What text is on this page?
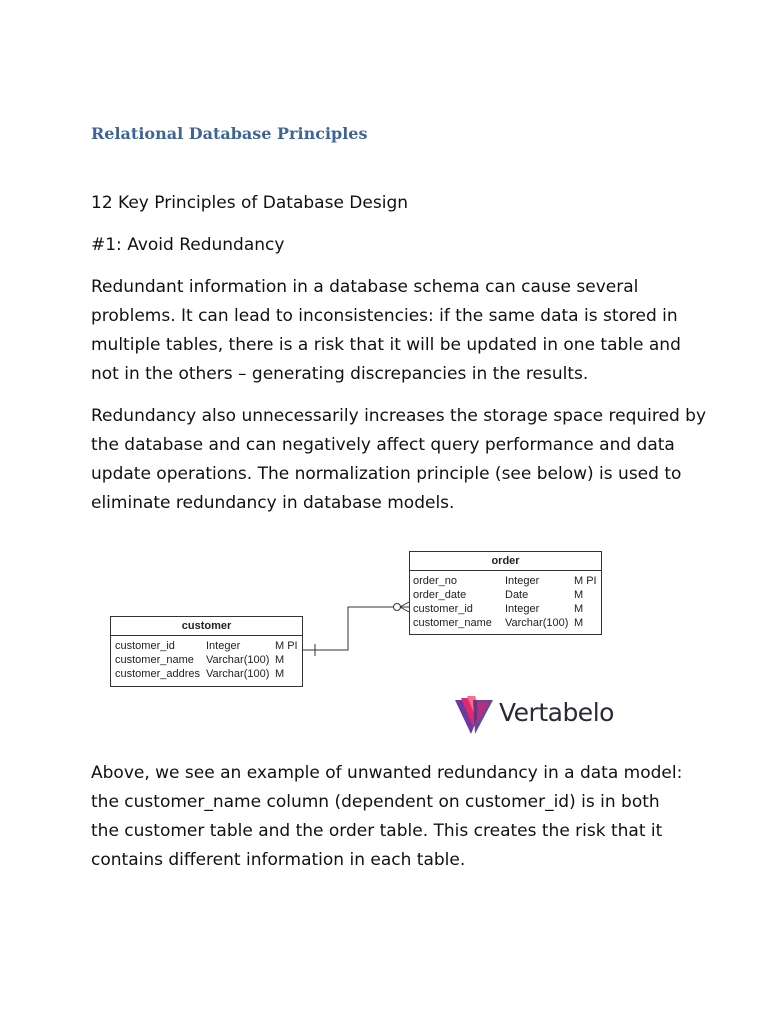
Relational Database Principles
12 Key Principles of Database Design
#1: Avoid Redundancy
Redundant information in a database schema can cause several
problems. It can lead to inconsistencies: if the same data is stored in
multiple tables, there is a risk that it will be updated in one table and
not in the others – generating discrepancies in the results.
Redundancy also unnecessarily increases the storage space required by
the database and can negatively affect query performance and data
update operations. The normalization principle (see below) is used to
eliminate redundancy in database models.
order
order_no	Integer	M PI
order_date	Date	M
customer_id	Integer	M
customer_name Varchar(100) M
customer
customer_id	Integer	M PI
customer_name Varchar(100) M
customer_addres Varchar(100) M
Vertabelo
Above, we see an example of unwanted redundancy in a data model:
the customer_name column (dependent on customer_id) is in both
the customer table and the order table. This creates the risk that it
contains different information in each table.
